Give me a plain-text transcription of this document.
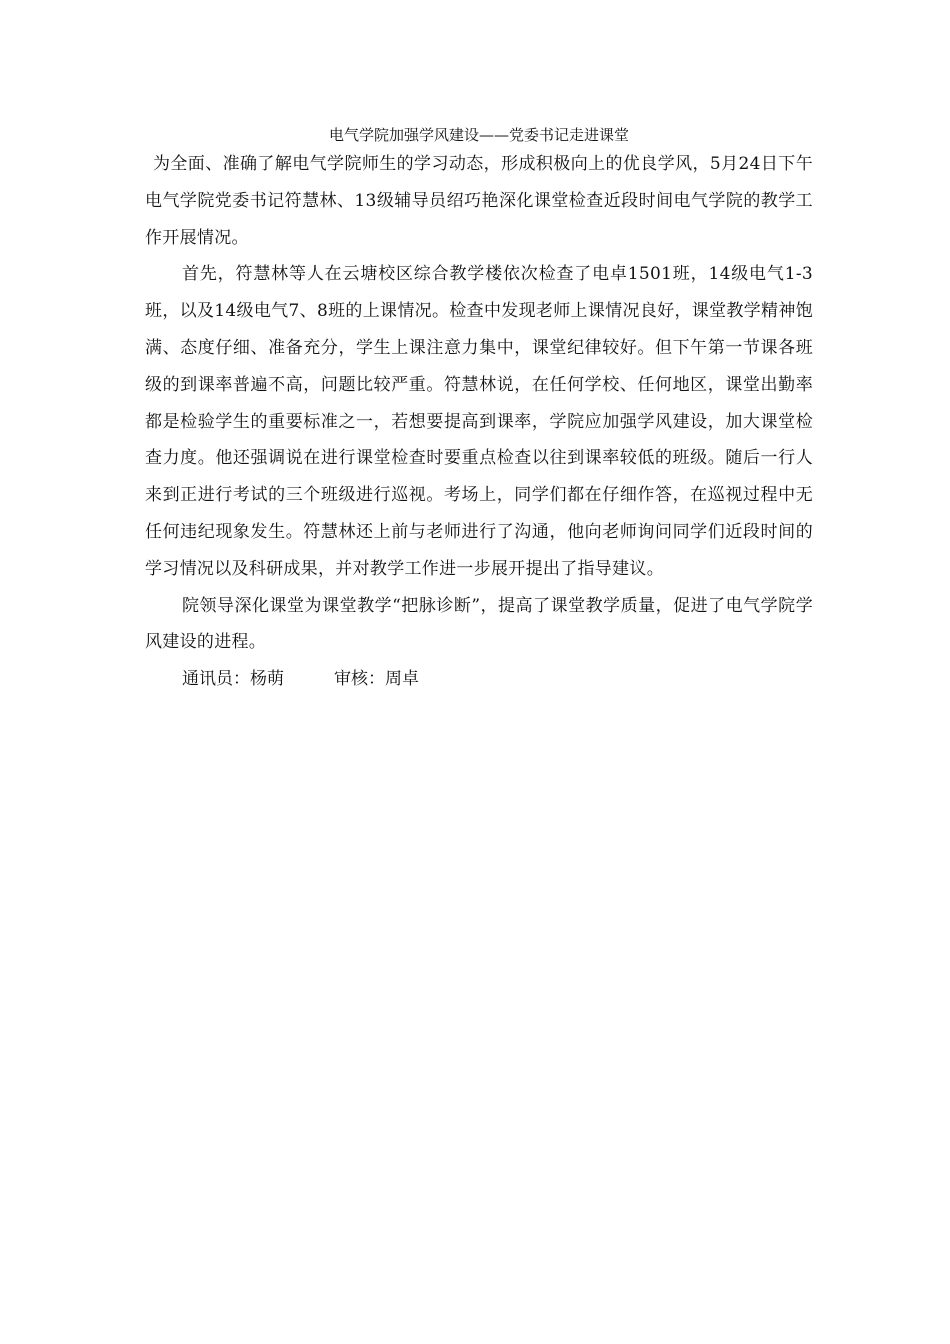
电气学院加强学风建设——党委书记走进课堂

为全面、准确了解电气学院师生的学习动态，形成积极向上的优良学风，5月24日下午电气学院党委书记符慧林、13级辅导员绍巧艳深化课堂检查近段时间电气学院的教学工作开展情况。

首先，符慧林等人在云塘校区综合教学楼依次检查了电卓1501班，14级电气1-3班，以及14级电气7、8班的上课情况。检查中发现老师上课情况良好，课堂教学精神饱满、态度仔细、准备充分，学生上课注意力集中，课堂纪律较好。但下午第一节课各班级的到课率普遍不高，问题比较严重。符慧林说，在任何学校、任何地区，课堂出勤率都是检验学生的重要标准之一，若想要提高到课率，学院应加强学风建设，加大课堂检查力度。他还强调说在进行课堂检查时要重点检查以往到课率较低的班级。随后一行人来到正进行考试的三个班级进行巡视。考场上，同学们都在仔细作答，在巡视过程中无任何违纪现象发生。符慧林还上前与老师进行了沟通，他向老师询问同学们近段时间的学习情况以及科研成果，并对教学工作进一步展开提出了指导建议。

院领导深化课堂为课堂教学“把脉诊断”，提高了课堂教学质量，促进了电气学院学风建设的进程。

通讯员：杨萌	审核：周卓
